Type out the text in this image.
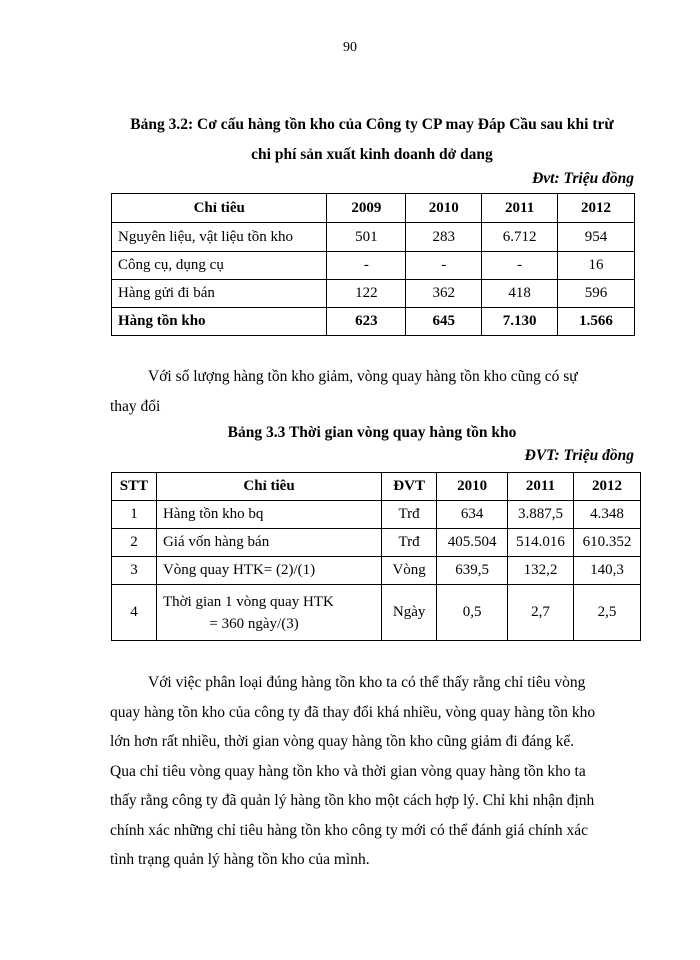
90
Bảng 3.2: Cơ cấu hàng tồn kho của Công ty CP may Đáp Cầu sau khi trừ
chi phí sản xuất kinh doanh dở dang
Đvt: Triệu đồng
Chỉ tiêu	2009	2010	2011	2012
Nguyên liệu, vật liệu tồn kho	501	283	6.712	954
Công cụ, dụng cụ	-	-	-	16
Hàng gửi đi bán	122	362	418	596
Hàng tồn kho	623	645	7.130	1.566
Với số lượng hàng tồn kho giảm, vòng quay hàng tồn kho cũng có sự
thay đổi
Bảng 3.3 Thời gian vòng quay hàng tồn kho
ĐVT: Triệu đồng
STT	Chỉ tiêu	ĐVT	2010	2011	2012
1	Hàng tồn kho bq	Trđ	634	3.887,5	4.348
2	Giá vốn hàng bán	Trđ	405.504	514.016	610.352
3	Vòng quay HTK= (2)/(1)	Vòng	639,5	132,2	140,3
4	Thời gian 1 vòng quay HTK
= 360 ngày/(3)	Ngày	0,5	2,7	2,5
Với việc phân loại đúng hàng tồn kho ta có thể thấy rằng chỉ tiêu vòng
quay hàng tồn kho của công ty đã thay đổi khá nhiều, vòng quay hàng tồn kho
lớn hơn rất nhiều, thời gian vòng quay hàng tồn kho cũng giảm đi đáng kể.
Qua chỉ tiêu vòng quay hàng tồn kho và thời gian vòng quay hàng tồn kho ta
thấy rằng công ty đã quản lý hàng tồn kho một cách hợp lý. Chỉ khi nhận định
chính xác những chỉ tiêu hàng tồn kho công ty mới có thể đánh giá chính xác
tình trạng quản lý hàng tồn kho của mình.
